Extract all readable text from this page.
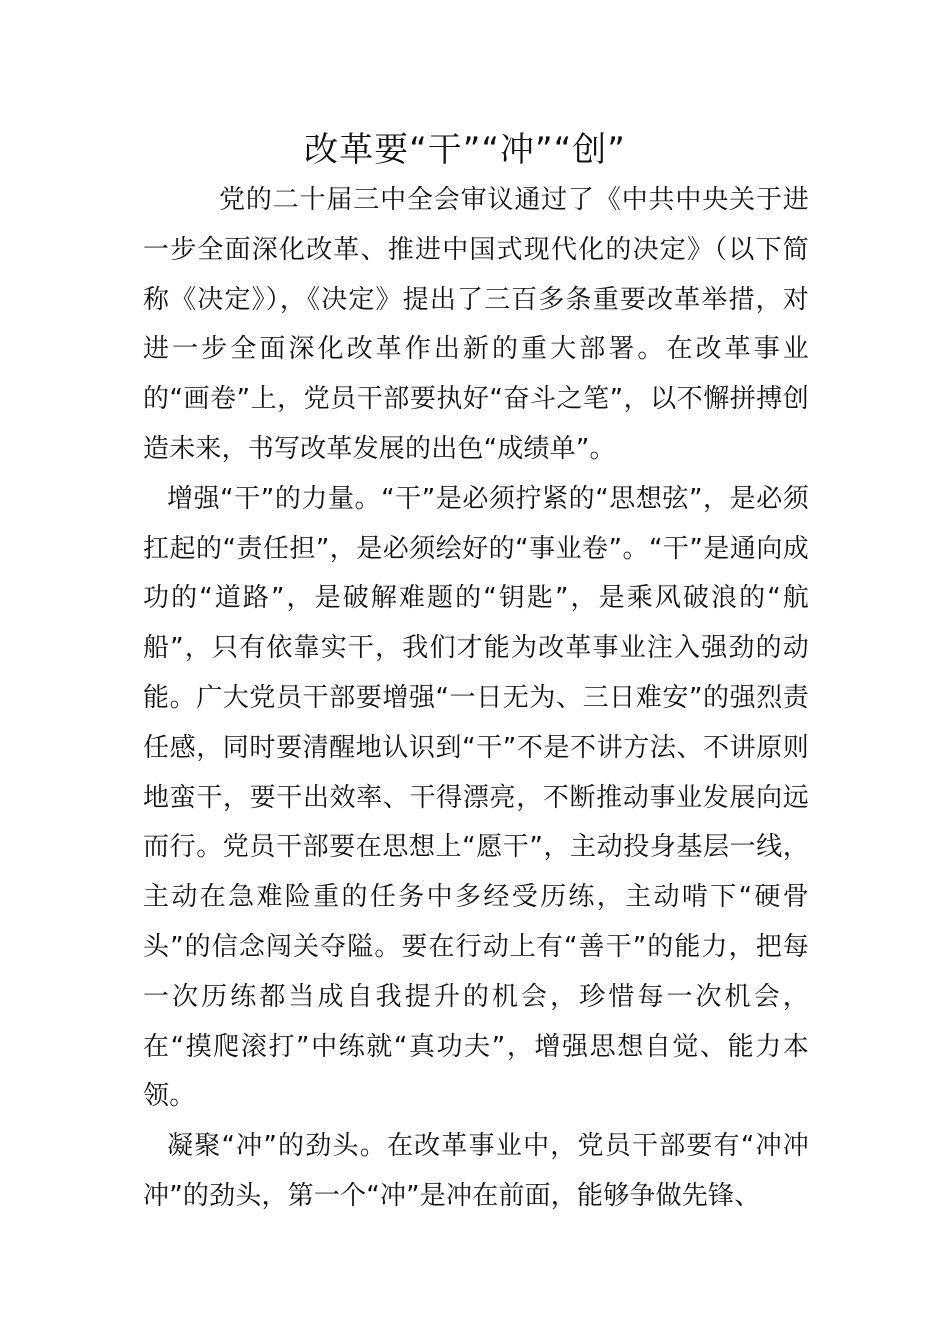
改革要“干”“冲”“创”

党的二十届三中全会审议通过了《中共中央关于进一步全面深化改革、推进中国式现代化的决定》（以下简称《决定》），《决定》提出了三百多条重要改革举措，对进一步全面深化改革作出新的重大部署。在改革事业的“画卷”上，党员干部要执好“奋斗之笔”，以不懈拼搏创造未来，书写改革发展的出色“成绩单”。

增强“干”的力量。“干”是必须拧紧的“思想弦”，是必须扛起的“责任担”，是必须绘好的“事业卷”。“干”是通向成功的“道路”，是破解难题的“钥匙”，是乘风破浪的“航船”，只有依靠实干，我们才能为改革事业注入强劲的动能。广大党员干部要增强“一日无为、三日难安”的强烈责任感，同时要清醒地认识到“干”不是不讲方法、不讲原则地蛮干，要干出效率、干得漂亮，不断推动事业发展向远而行。党员干部要在思想上“愿干”，主动投身基层一线，主动在急难险重的任务中多经受历练，主动啃下“硬骨头”的信念闯关夺隘。要在行动上有“善干”的能力，把每一次历练都当成自我提升的机会，珍惜每一次机会，在“摸爬滚打”中练就“真功夫”，增强思想自觉、能力本领。

凝聚“冲”的劲头。在改革事业中，党员干部要有“冲冲冲”的劲头，第一个“冲”是冲在前面，能够争做先锋、
